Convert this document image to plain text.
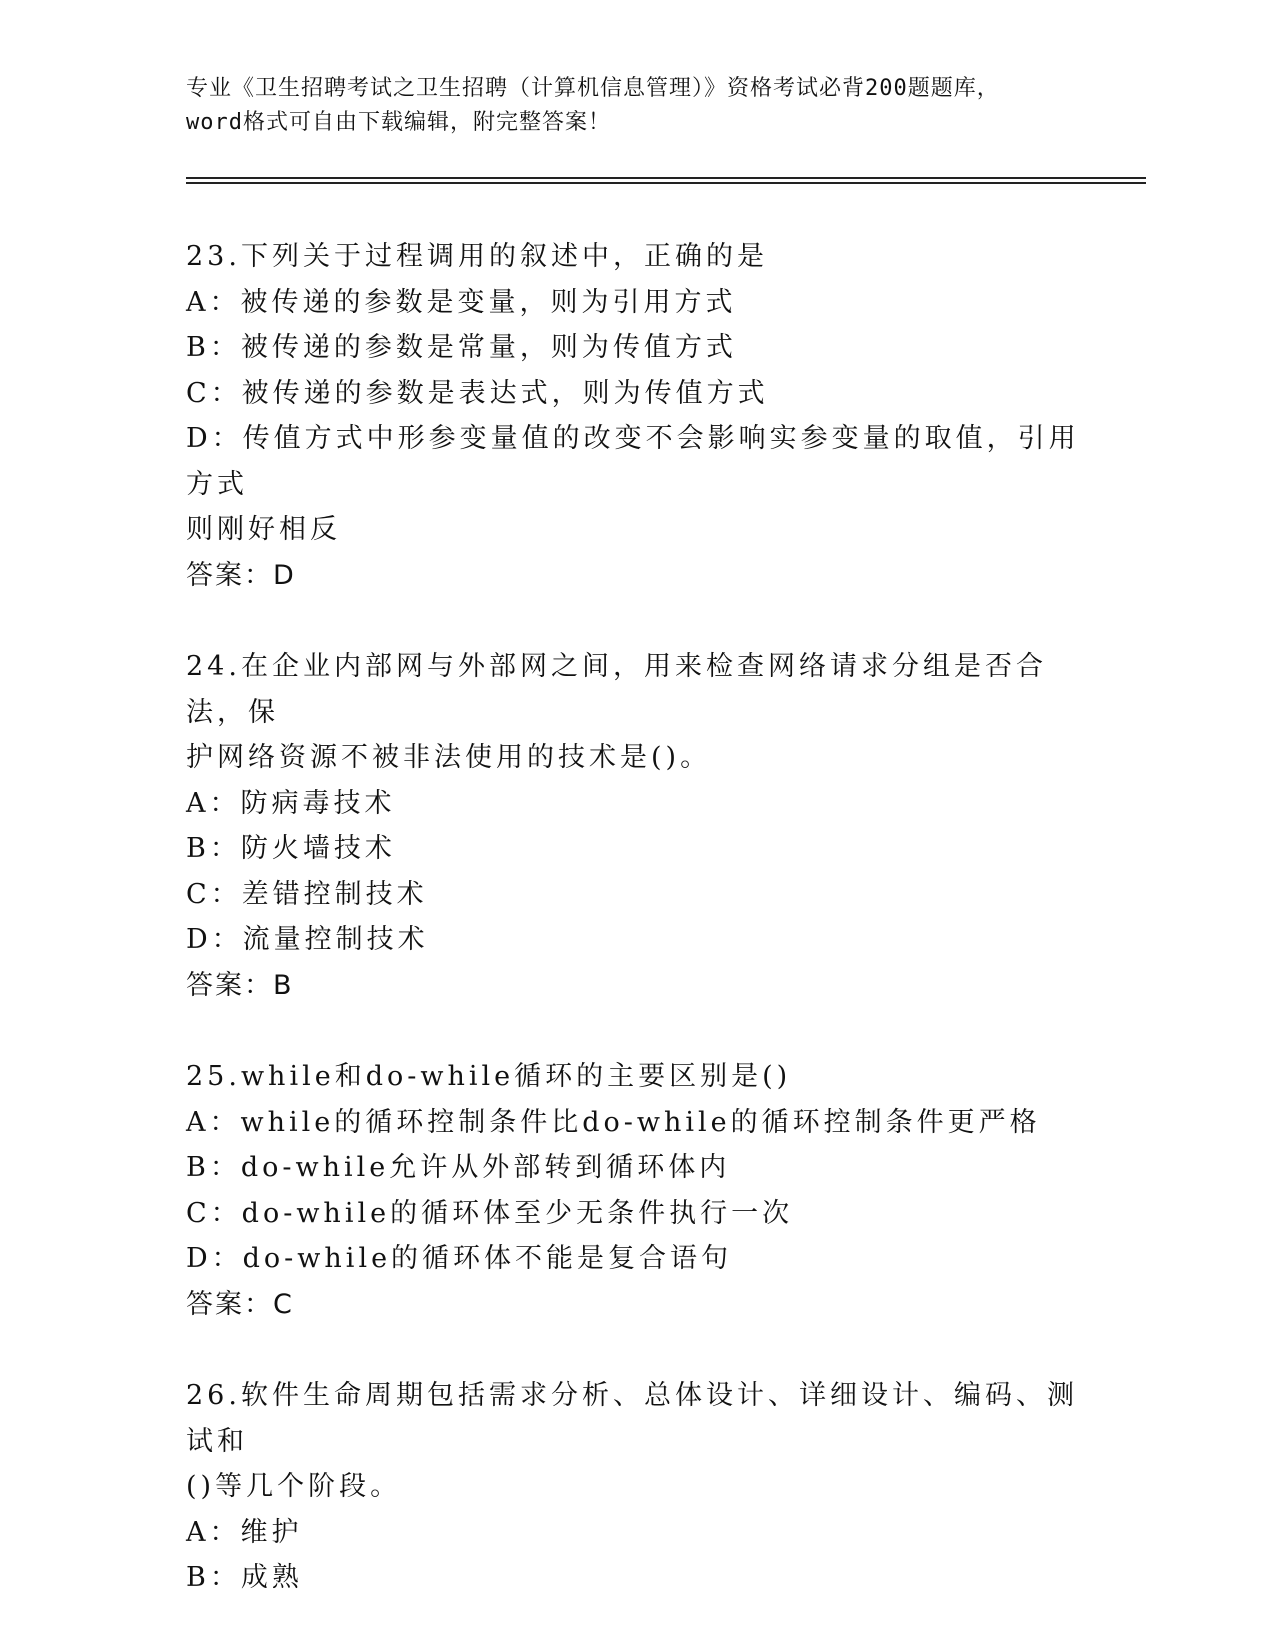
专业《卫生招聘考试之卫生招聘（计算机信息管理）》资格考试必背200题题库，
word格式可自由下载编辑，附完整答案！
23.下列关于过程调用的叙述中，正确的是
A：被传递的参数是变量，则为引用方式
B：被传递的参数是常量，则为传值方式
C：被传递的参数是表达式，则为传值方式
D：传值方式中形参变量值的改变不会影响实参变量的取值，引用方式
则刚好相反
答案：D
24.在企业内部网与外部网之间，用来检查网络请求分组是否合法，保
护网络资源不被非法使用的技术是()。
A：防病毒技术
B：防火墙技术
C：差错控制技术
D：流量控制技术
答案：B
25.while和do-while循环的主要区别是()
A：while的循环控制条件比do-while的循环控制条件更严格
B：do-while允许从外部转到循环体内
C：do-while的循环体至少无条件执行一次
D：do-while的循环体不能是复合语句
答案：C
26.软件生命周期包括需求分析、总体设计、详细设计、编码、测试和
()等几个阶段。
A：维护
B：成熟
